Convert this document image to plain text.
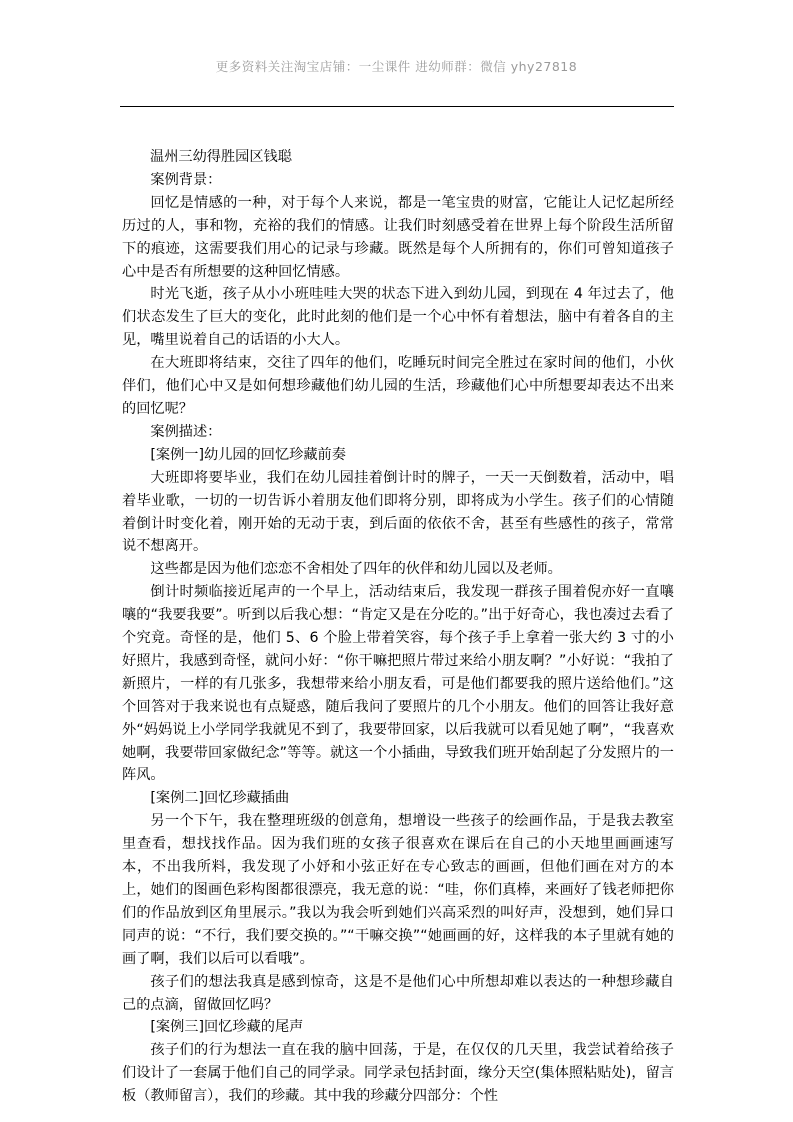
更多资料关注淘宝店铺：一尘课件 进幼师群：微信 yhy27818

温州三幼得胜园区钱聪

案例背景：

回忆是情感的一种，对于每个人来说，都是一笔宝贵的财富，它能让人记忆起所经历过的人，事和物，充裕的我们的情感。让我们时刻感受着在世界上每个阶段生活所留下的痕迹，这需要我们用心的记录与珍藏。既然是每个人所拥有的，你们可曾知道孩子心中是否有所想要的这种回忆情感。

时光飞逝，孩子从小小班哇哇大哭的状态下进入到幼儿园，到现在 4 年过去了，他们状态发生了巨大的变化，此时此刻的他们是一个心中怀有着想法，脑中有着各自的主见，嘴里说着自己的话语的小大人。

在大班即将结束，交往了四年的他们，吃睡玩时间完全胜过在家时间的他们，小伙伴们，他们心中又是如何想珍藏他们幼儿园的生活，珍藏他们心中所想要却表达不出来的回忆呢？

案例描述：

[案例一]幼儿园的回忆珍藏前奏

大班即将要毕业，我们在幼儿园挂着倒计时的牌子，一天一天倒数着，活动中，唱着毕业歌，一切的一切告诉小着朋友他们即将分别，即将成为小学生。孩子们的心情随着倒计时变化着，刚开始的无动于衷，到后面的依依不舍，甚至有些感性的孩子，常常说不想离开。

这些都是因为他们恋恋不舍相处了四年的伙伴和幼儿园以及老师。

倒计时频临接近尾声的一个早上，活动结束后，我发现一群孩子围着倪亦好一直嚷嚷的“我要我要”。听到以后我心想：“肯定又是在分吃的。”出于好奇心，我也凑过去看了个究竟。奇怪的是，他们 5、6 个脸上带着笑容，每个孩子手上拿着一张大约 3 寸的小好照片，我感到奇怪，就问小好：“你干嘛把照片带过来给小朋友啊？”小好说：“我拍了新照片，一样的有几张多，我想带来给小朋友看，可是他们都要我的照片送给他们。”这个回答对于我来说也有点疑惑，随后我问了要照片的几个小朋友。他们的回答让我好意外“妈妈说上小学同学我就见不到了，我要带回家，以后我就可以看见她了啊”，“我喜欢她啊，我要带回家做纪念”等等。就这一个小插曲，导致我们班开始刮起了分发照片的一阵风。

[案例二]回忆珍藏插曲

另一个下午，我在整理班级的创意角，想增设一些孩子的绘画作品，于是我去教室里查看，想找找作品。因为我们班的女孩子很喜欢在课后在自己的小天地里画画速写本，不出我所料，我发现了小妤和小弦正好在专心致志的画画，但他们画在对方的本上，她们的图画色彩构图都很漂亮，我无意的说：“哇，你们真棒，来画好了钱老师把你们的作品放到区角里展示。”我以为我会听到她们兴高采烈的叫好声，没想到，她们异口同声的说：“不行，我们要交换的。”“干嘛交换”“她画画的好，这样我的本子里就有她的画了啊，我们以后可以看哦”。

孩子们的想法我真是感到惊奇，这是不是他们心中所想却难以表达的一种想珍藏自己的点滴，留做回忆吗？

[案例三]回忆珍藏的尾声

孩子们的行为想法一直在我的脑中回荡，于是，在仅仅的几天里，我尝试着给孩子们设计了一套属于他们自己的同学录。同学录包括封面，缘分天空(集体照粘贴处)，留言板（教师留言），我们的珍藏。其中我的珍藏分四部分：个性
